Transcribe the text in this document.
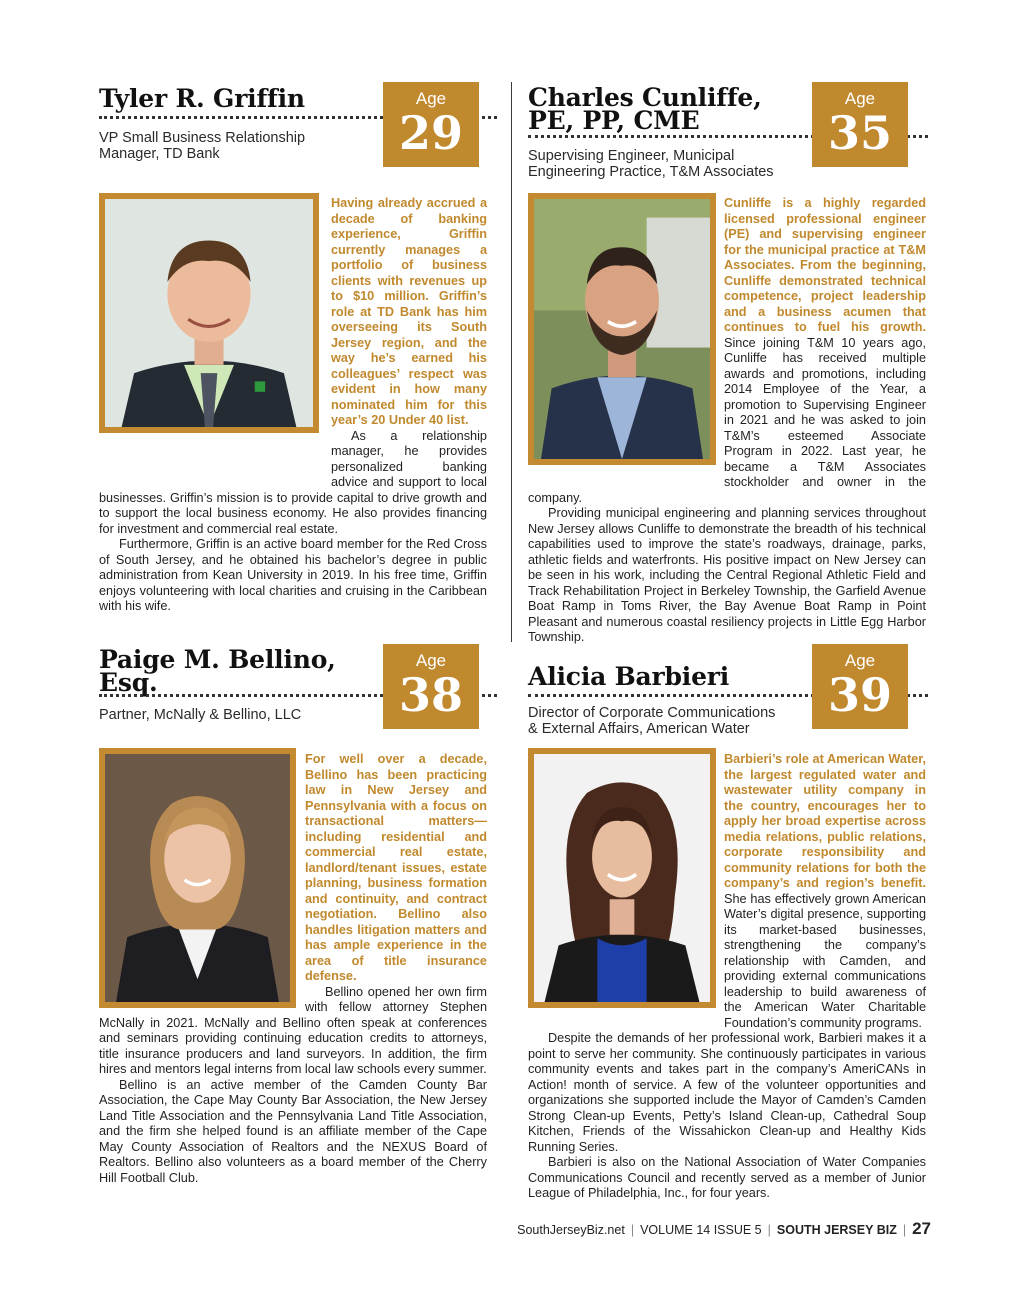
Tyler R. Griffin
VP Small Business Relationship
Manager, TD Bank
Age
29

Having already accrued a decade of banking experience, Griffin currently manages a portfolio of business clients with revenues up to $10 million. Griffin’s role at TD Bank has him overseeing its South Jersey region, and the way he’s earned his colleagues’ respect was evident in how many nominated him for this year’s 20 Under 40 list.

As a relationship manager, he provides personalized banking advice and support to local businesses. Griffin’s mission is to provide capital to drive growth and to support the local business economy. He also provides financing for investment and commercial real estate.

Furthermore, Griffin is an active board member for the Red Cross of South Jersey, and he obtained his bachelor’s degree in public administration from Kean University in 2019. In his free time, Griffin enjoys volunteering with local charities and cruising in the Caribbean with his wife.

Charles Cunliffe,
PE, PP, CME
Supervising Engineer, Municipal
Engineering Practice, T&M Associates
Age
35

Cunliffe is a highly regarded licensed professional engineer (PE) and supervising engineer for the municipal practice at T&M Associates. From the beginning, Cunliffe demonstrated technical competence, project leadership and a business acumen that continues to fuel his growth. Since joining T&M 10 years ago, Cunliffe has received multiple awards and promotions, including 2014 Employee of the Year, a promotion to Supervising Engineer in 2021 and he was asked to join T&M’s esteemed Associate Program in 2022. Last year, he became a T&M Associates stockholder and owner in the company.

Providing municipal engineering and planning services throughout New Jersey allows Cunliffe to demonstrate the breadth of his technical capabilities used to improve the state’s roadways, drainage, parks, athletic fields and waterfronts. His positive impact on New Jersey can be seen in his work, including the Central Regional Athletic Field and Track Rehabilitation Project in Berkeley Township, the Garfield Avenue Boat Ramp in Toms River, the Bay Avenue Boat Ramp in Point Pleasant and numerous coastal resiliency projects in Little Egg Harbor Township.

Paige M. Bellino,
Esq.
Partner, McNally & Bellino, LLC
Age
38

For well over a decade, Bellino has been practicing law in New Jersey and Pennsylvania with a focus on transactional matters—including residential and commercial real estate, landlord/tenant issues, estate planning, business formation and continuity, and contract negotiation. Bellino also handles litigation matters and has ample experience in the area of title insurance defense.

Bellino opened her own firm with fellow attorney Stephen McNally in 2021. McNally and Bellino often speak at conferences and seminars providing continuing education credits to attorneys, title insurance producers and land surveyors. In addition, the firm hires and mentors legal interns from local law schools every summer.

Bellino is an active member of the Camden County Bar Association, the Cape May County Bar Association, the New Jersey Land Title Association and the Pennsylvania Land Title Association, and the firm she helped found is an affiliate member of the Cape May County Association of Realtors and the NEXUS Board of Realtors. Bellino also volunteers as a board member of the Cherry Hill Football Club.

Alicia Barbieri
Director of Corporate Communications
& External Affairs, American Water
Age
39

Barbieri’s role at American Water, the largest regulated water and wastewater utility company in the country, encourages her to apply her broad expertise across media relations, public relations, corporate responsibility and community relations for both the company’s and region’s benefit. She has effectively grown American Water’s digital presence, supporting its market-based businesses, strengthening the company’s relationship with Camden, and providing external communications leadership to build awareness of the American Water Charitable Foundation’s community programs.

Despite the demands of her professional work, Barbieri makes it a point to serve her community. She continuously participates in various community events and takes part in the company’s AmeriCANs in Action! month of service. A few of the volunteer opportunities and organizations she supported include the Mayor of Camden’s Camden Strong Clean-up Events, Petty’s Island Clean-up, Cathedral Soup Kitchen, Friends of the Wissahickon Clean-up and Healthy Kids Running Series.

Barbieri is also on the National Association of Water Companies Communications Council and recently served as a member of Junior League of Philadelphia, Inc., for four years.

SouthJerseyBiz.net | VOLUME 14 ISSUE 5 | SOUTH JERSEY BIZ | 27
